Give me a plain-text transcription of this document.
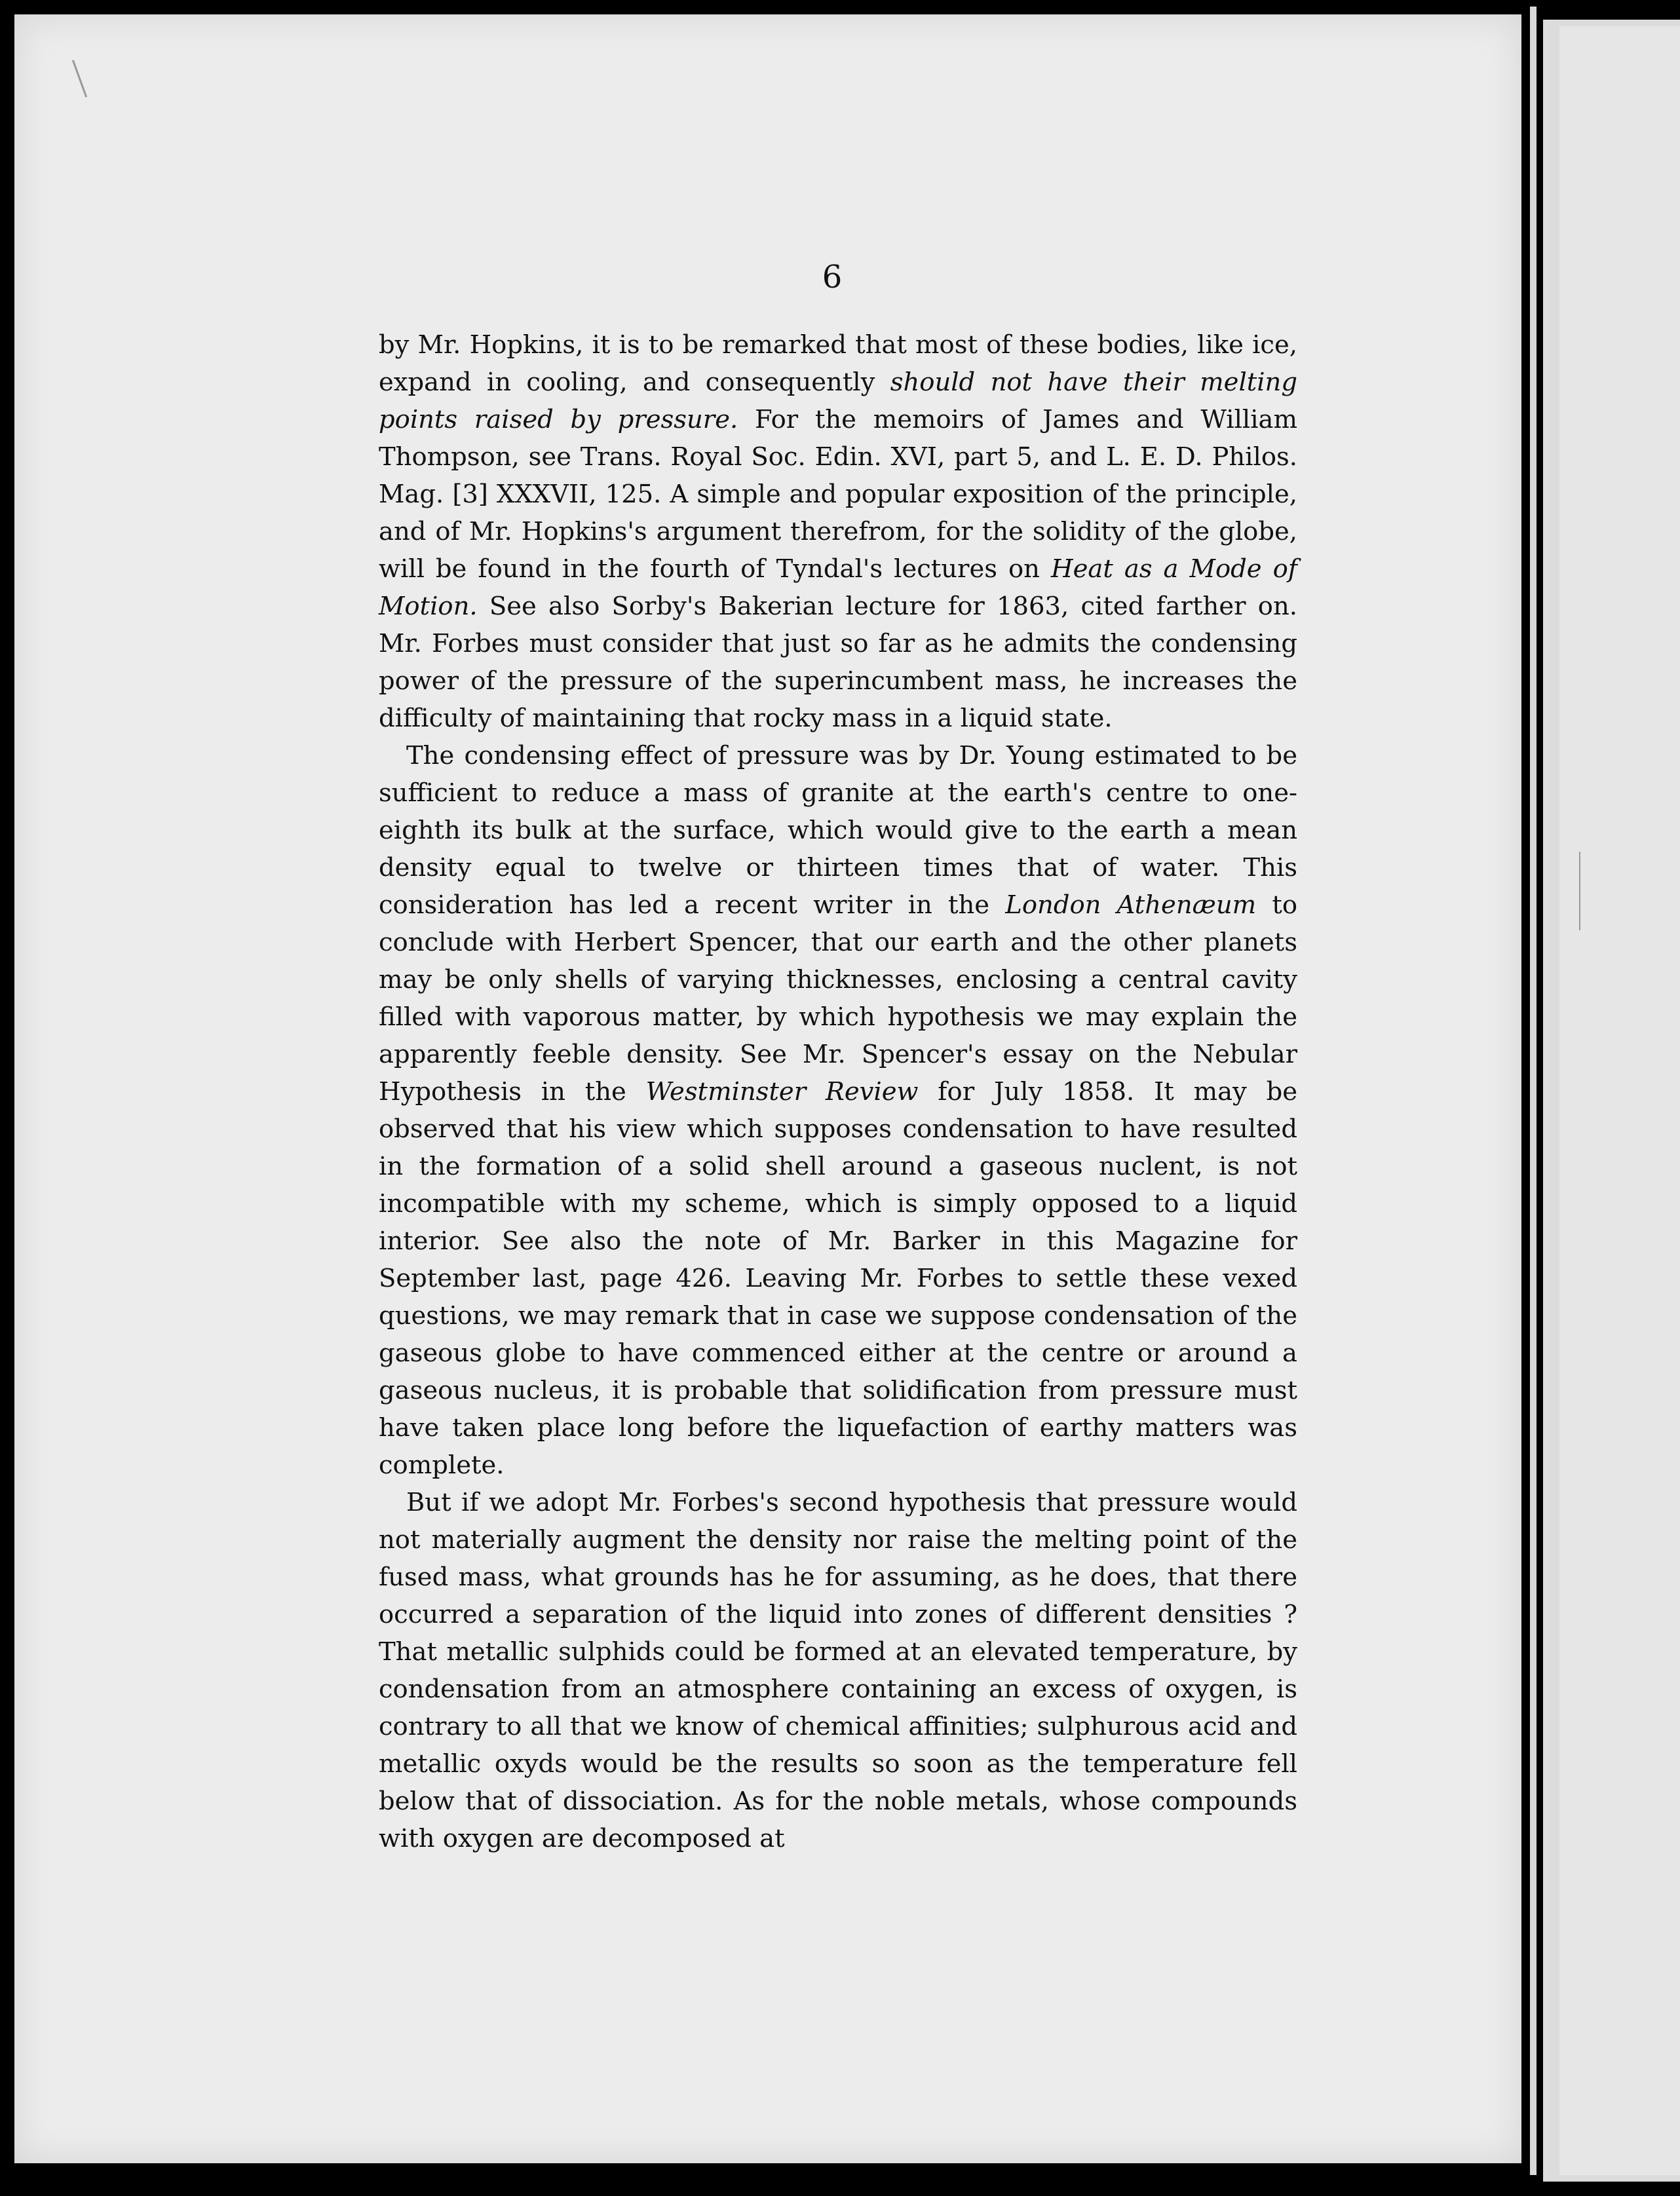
6

by Mr. Hopkins, it is to be remarked that most of these bodies, like ice, expand in cooling, and consequently should not have their melting points raised by pressure. For the memoirs of James and William Thompson, see Trans. Royal Soc. Edin. XVI, part 5, and L. E. D. Philos. Mag. [3] XXXVII, 125. A simple and popular exposition of the principle, and of Mr. Hopkins's argument therefrom, for the solidity of the globe, will be found in the fourth of Tyndal's lectures on Heat as a Mode of Motion. See also Sorby's Bakerian lecture for 1863, cited farther on. Mr. Forbes must consider that just so far as he admits the condensing power of the pressure of the superincumbent mass, he increases the difficulty of maintaining that rocky mass in a liquid state.

The condensing effect of pressure was by Dr. Young estimated to be sufficient to reduce a mass of granite at the earth's centre to one-eighth its bulk at the surface, which would give to the earth a mean density equal to twelve or thirteen times that of water. This consideration has led a recent writer in the London Athenæum to conclude with Herbert Spencer, that our earth and the other planets may be only shells of varying thicknesses, enclosing a central cavity filled with vaporous matter, by which hypothesis we may explain the apparently feeble density. See Mr. Spencer's essay on the Nebular Hypothesis in the Westminster Review for July 1858. It may be observed that his view which supposes condensation to have resulted in the formation of a solid shell around a gaseous nuclent, is not incompatible with my scheme, which is simply opposed to a liquid interior. See also the note of Mr. Barker in this Magazine for September last, page 426. Leaving Mr. Forbes to settle these vexed questions, we may remark that in case we suppose condensation of the gaseous globe to have commenced either at the centre or around a gaseous nucleus, it is probable that solidification from pressure must have taken place long before the liquefaction of earthy matters was complete.

But if we adopt Mr. Forbes's second hypothesis that pressure would not materially augment the density nor raise the melting point of the fused mass, what grounds has he for assuming, as he does, that there occurred a separation of the liquid into zones of different densities ? That metallic sulphids could be formed at an elevated temperature, by condensation from an atmosphere containing an excess of oxygen, is contrary to all that we know of chemical affinities; sulphurous acid and metallic oxyds would be the results so soon as the temperature fell below that of dissociation. As for the noble metals, whose compounds with oxygen are decomposed at
